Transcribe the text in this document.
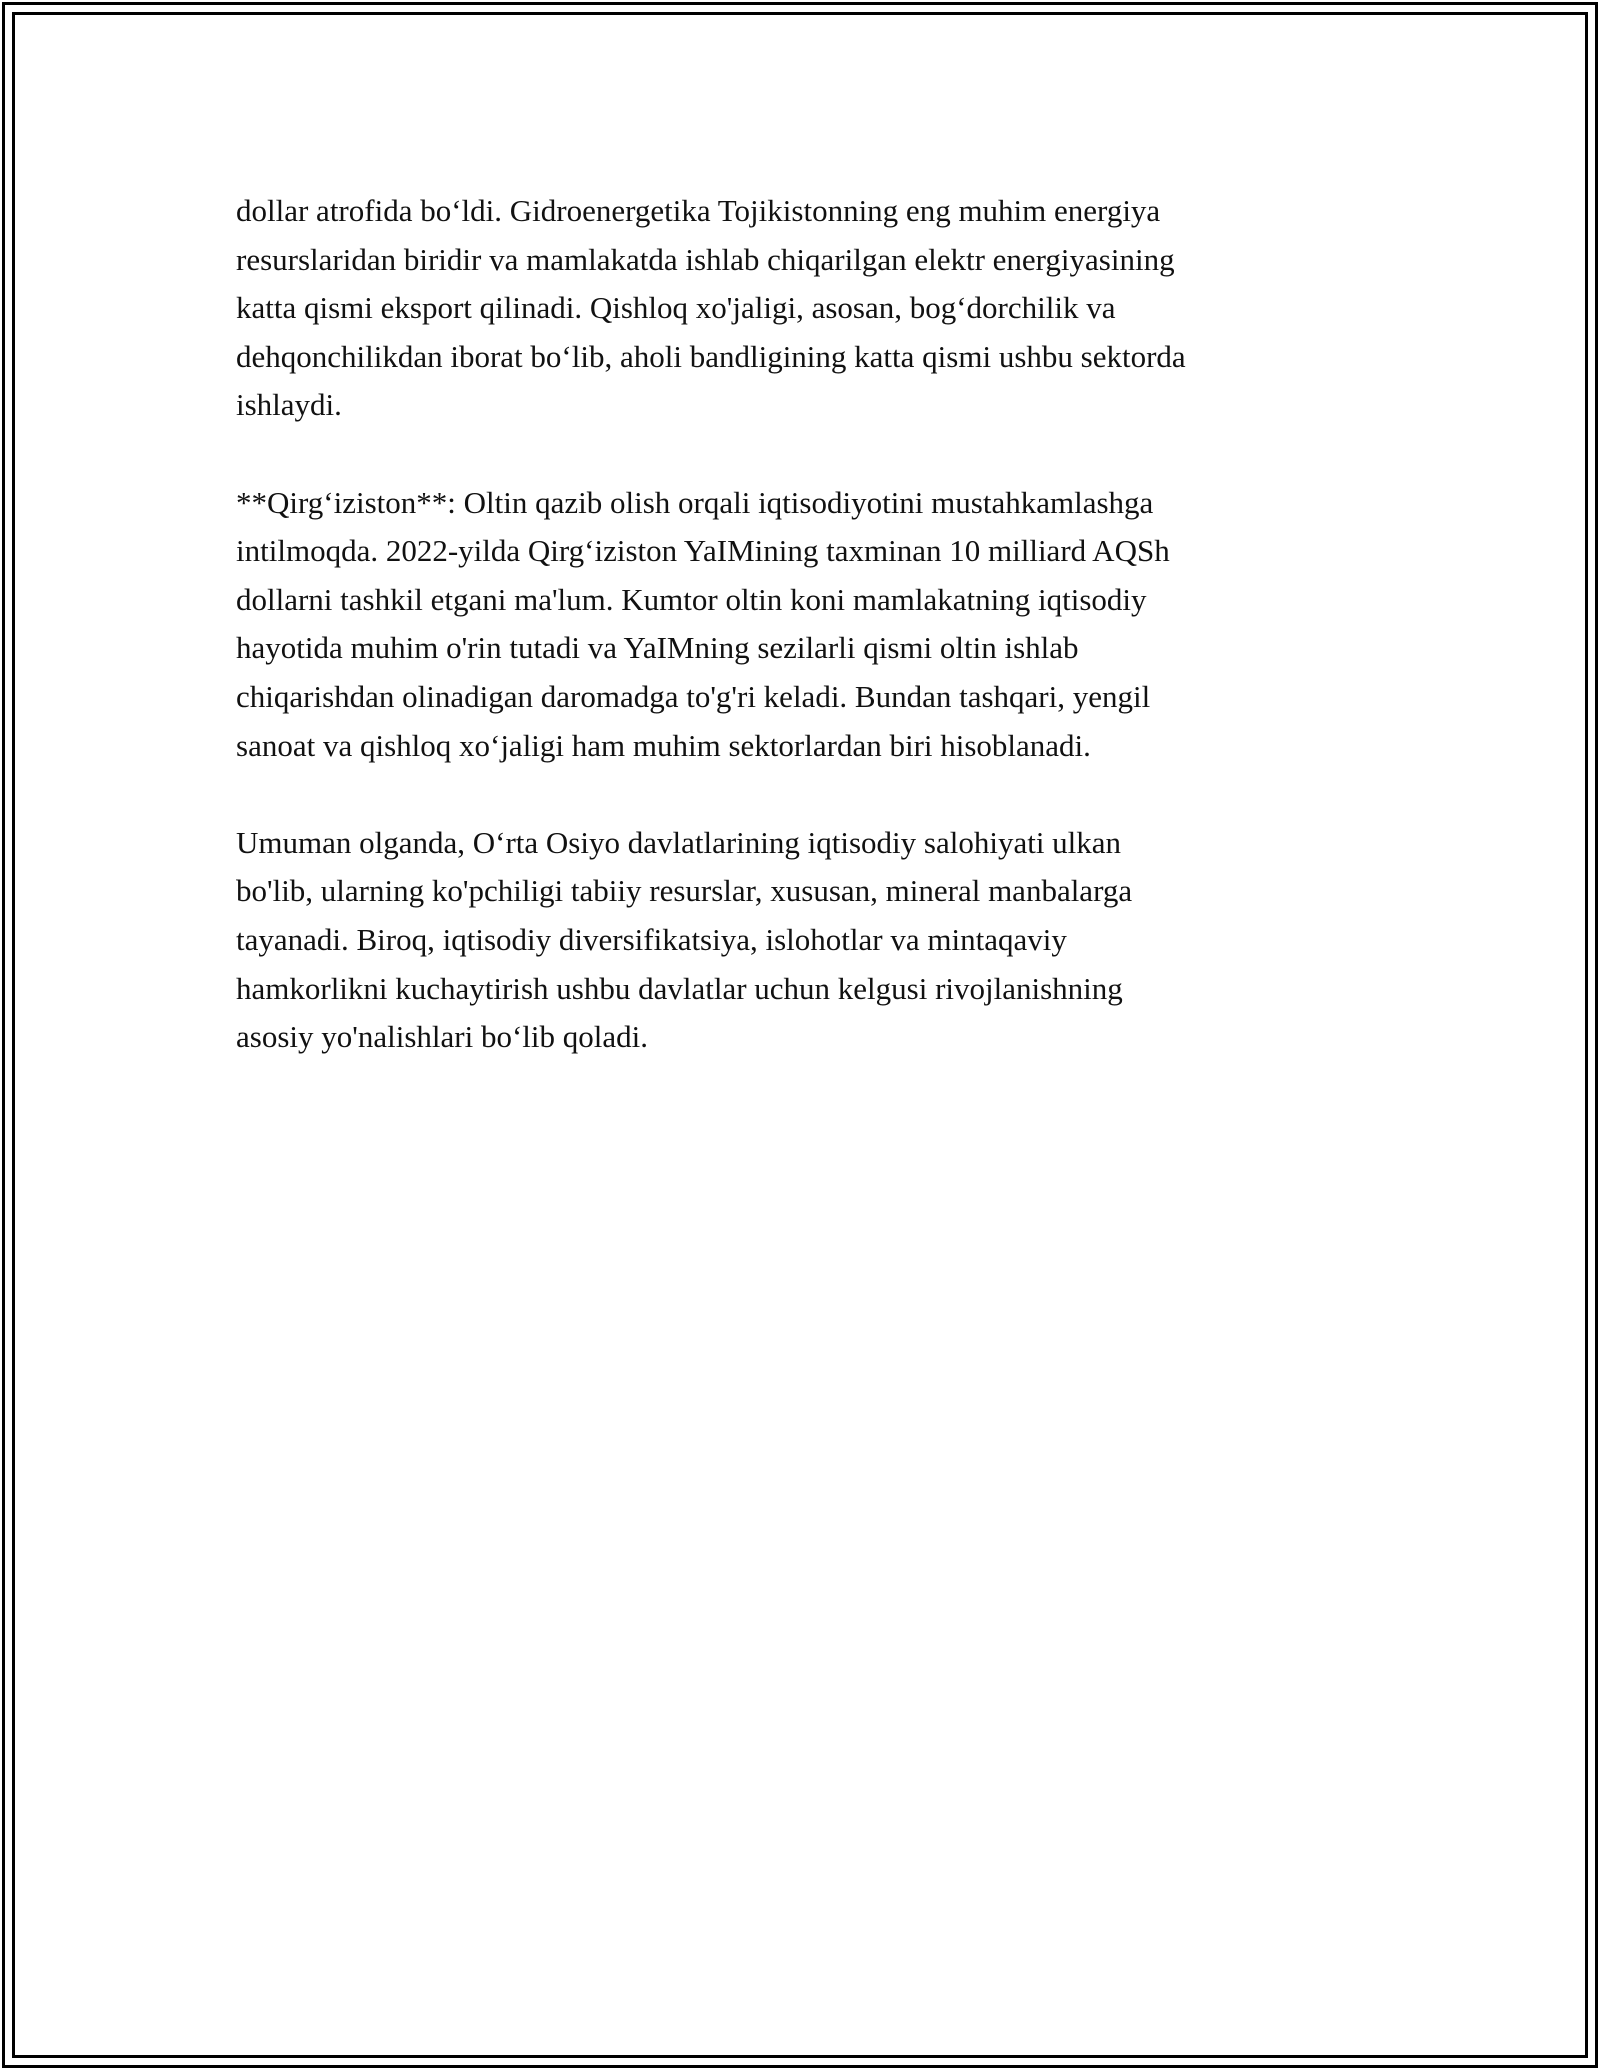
dollar atrofida bo‘ldi. Gidroenergetika Tojikistonning eng muhim energiya
resurslaridan biridir va mamlakatda ishlab chiqarilgan elektr energiyasining
katta qismi eksport qilinadi. Qishloq xo'jaligi, asosan, bog‘dorchilik va
dehqonchilikdan iborat bo‘lib, aholi bandligining katta qismi ushbu sektorda
ishlaydi.

**Qirg‘iziston**: Oltin qazib olish orqali iqtisodiyotini mustahkamlashga
intilmoqda. 2022-yilda Qirg‘iziston YaIMining taxminan 10 milliard AQSh
dollarni tashkil etgani ma'lum. Kumtor oltin koni mamlakatning iqtisodiy
hayotida muhim o'rin tutadi va YaIMning sezilarli qismi oltin ishlab
chiqarishdan olinadigan daromadga to'g'ri keladi. Bundan tashqari, yengil
sanoat va qishloq xo‘jaligi ham muhim sektorlardan biri hisoblanadi.

Umuman olganda, O‘rta Osiyo davlatlarining iqtisodiy salohiyati ulkan
bo'lib, ularning ko'pchiligi tabiiy resurslar, xususan, mineral manbalarga
tayanadi. Biroq, iqtisodiy diversifikatsiya, islohotlar va mintaqaviy
hamkorlikni kuchaytirish ushbu davlatlar uchun kelgusi rivojlanishning
asosiy yo'nalishlari bo‘lib qoladi.
